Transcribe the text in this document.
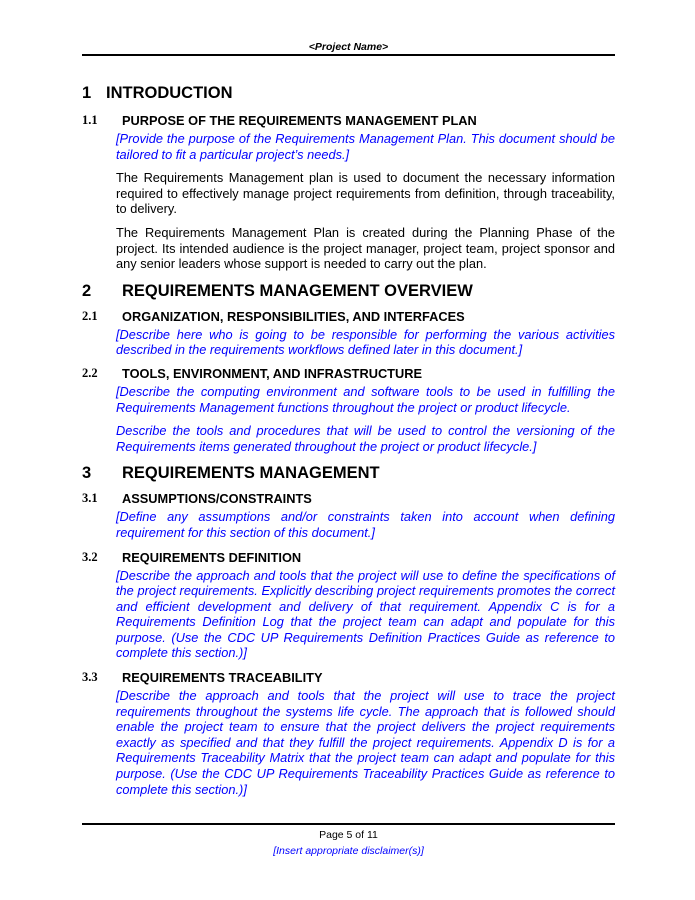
<Project Name>
1 INTRODUCTION
1.1	PURPOSE OF THE REQUIREMENTS MANAGEMENT PLAN

[Provide the purpose of the Requirements Management Plan. This document should be tailored to fit a particular project’s needs.]

The Requirements Management plan is used to document the necessary information required to effectively manage project requirements from definition, through traceability, to delivery.

The Requirements Management Plan is created during the Planning Phase of the project. Its intended audience is the project manager, project team, project sponsor and any senior leaders whose support is needed to carry out the plan.

2	REQUIREMENTS MANAGEMENT OVERVIEW
2.1	ORGANIZATION, RESPONSIBILITIES, AND INTERFACES

[Describe here who is going to be responsible for performing the various activities described in the requirements workflows defined later in this document.]

2.2	TOOLS, ENVIRONMENT, AND INFRASTRUCTURE

[Describe the computing environment and software tools to be used in fulfilling the Requirements Management functions throughout the project or product lifecycle.

Describe the tools and procedures that will be used to control the versioning of the Requirements items generated throughout the project or product lifecycle.]

3	REQUIREMENTS MANAGEMENT
3.1	ASSUMPTIONS/CONSTRAINTS

[Define any assumptions and/or constraints taken into account when defining requirement for this section of this document.]

3.2	REQUIREMENTS DEFINITION

[Describe the approach and tools that the project will use to define the specifications of the project requirements. Explicitly describing project requirements promotes the correct and efficient development and delivery of that requirement. Appendix C is for a Requirements Definition Log that the project team can adapt and populate for this purpose. (Use the CDC UP Requirements Definition Practices Guide as reference to complete this section.)]

3.3	REQUIREMENTS TRACEABILITY

[Describe the approach and tools that the project will use to trace the project requirements throughout the systems life cycle. The approach that is followed should enable the project team to ensure that the project delivers the project requirements exactly as specified and that they fulfill the project requirements. Appendix D is for a Requirements Traceability Matrix that the project team can adapt and populate for this purpose. (Use the CDC UP Requirements Traceability Practices Guide as reference to complete this section.)]

Page 5 of 11
[Insert appropriate disclaimer(s)]
